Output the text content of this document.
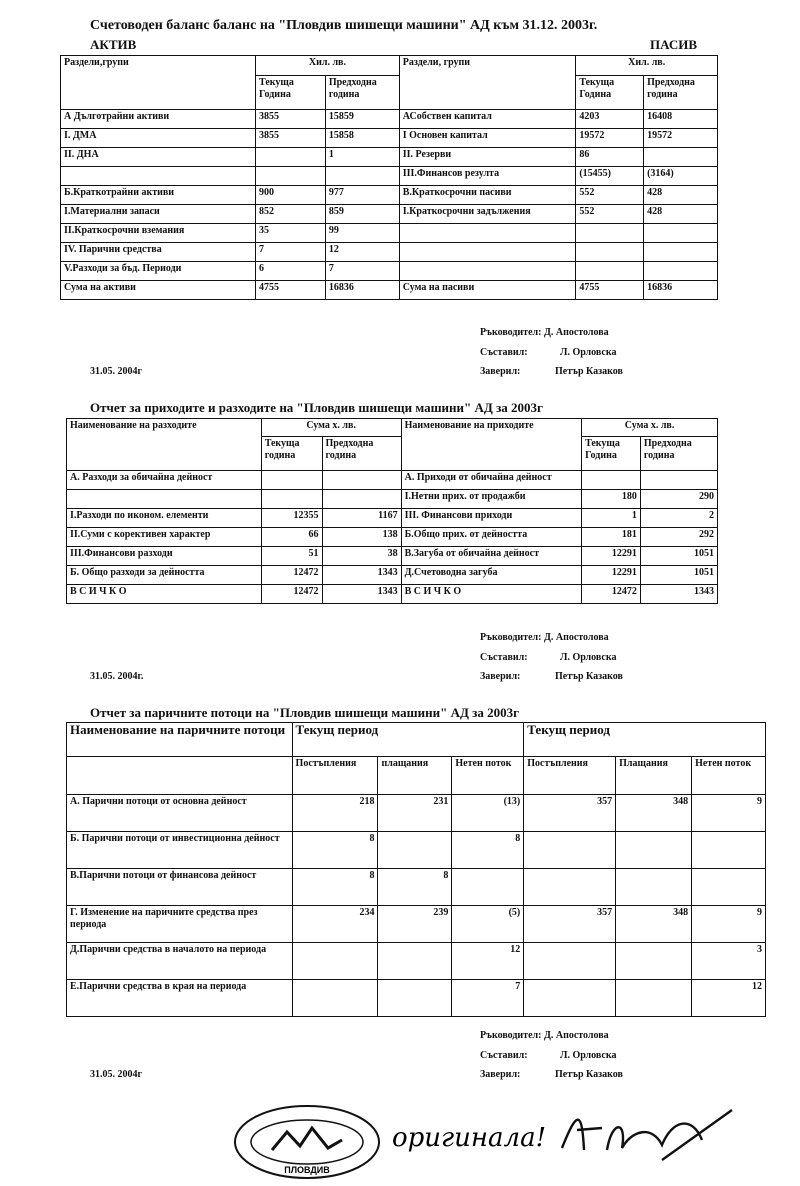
Счетоводен баланс баланс на "Пловдив шишещи машини" АД към 31.12. 2003г.
АКТИВ	ПАСИВ
Раздели,групи	Хил. лв.		Раздели, групи	Хил. лв.	
	Текуща Година	Предходна година		Текуща Година	Предходна година
А Дълготрайни активи	3855	15859	АСобствен капитал	4203	16408
I. ДМА	3855	15858	I Основен капитал	19572	19572
II. ДНА		1	II. Резерви	86	
			III.Финансов резулта	(15455)	(3164)
Б.Краткотрайни активи	900	977	В.Краткосрочни пасиви	552	428
I.Материални запаси	852	859	I.Краткосрочни задължения	552	428
II.Краткосрочни вземания	35	99			
IV. Парични средства	7	12			
V.Разходи за бъд. Периоди	6	7			
Сума на активи	4755	16836	Сума на пасиви	4755	16836
Ръководител: Д. Апостолова
Съставил:	Л. Орловска
31.05. 2004г	Заверил:	Петър Казаков
Отчет за приходите и разходите на "Пловдив шишещи машини" АД за 2003г
Наименование на разходите	Сума х. лв.		Наименование на приходите	Сума х. лв.	
	Текуща година	Предходна година		Текуща Година	Предходна година
А. Разходи за обичайна дейност			А. Приходи от обичайна дейност		
			I.Нетни прих. от продажби	180	290
I.Разходи по иконом. елементи	12355	1167	III. Финансови приходи	1	2
II.Суми с корективен характер	66	138	Б.Общо прих. от дейността	181	292
III.Финансови разходи	51	38	В.Загуба от обичайна дейност	12291	1051
Б. Общо разходи за дейността	12472	1343	Д.Счетоводна загуба	12291	1051
В С И Ч К О	12472	1343	В С И Ч К О	12472	1343
Ръководител: Д. Апостолова
Съставил:	Л. Орловска
31.05. 2004г.	Заверил:	Петър Казаков
Отчет за паричните потоци на "Пловдив шишещи машини" АД за 2003г
Наименование на паричните потоци	Текущ период			Текущ период		
	Постъпления	плащания	Нетен поток	Постъпления	Плащания	Нетен поток
А. Парични потоци от основна дейност	218	231	(13)	357	348	9
Б. Парични потоци от инвестиционна дейност	8		8			
В.Парични потоци от финансова дейност	8	8				
Г. Изменение на паричните средства през периода	234	239	(5)	357	348	9
Д.Парични средства в началото на периода			12			3
Е.Парични средства в края на периода			7			12
Ръководител: Д. Апостолова
Съставил:	Л. Орловска
31.05. 2004г	Заверил:	Петър Казаков
ПЛОВДИВ
оригинала!
